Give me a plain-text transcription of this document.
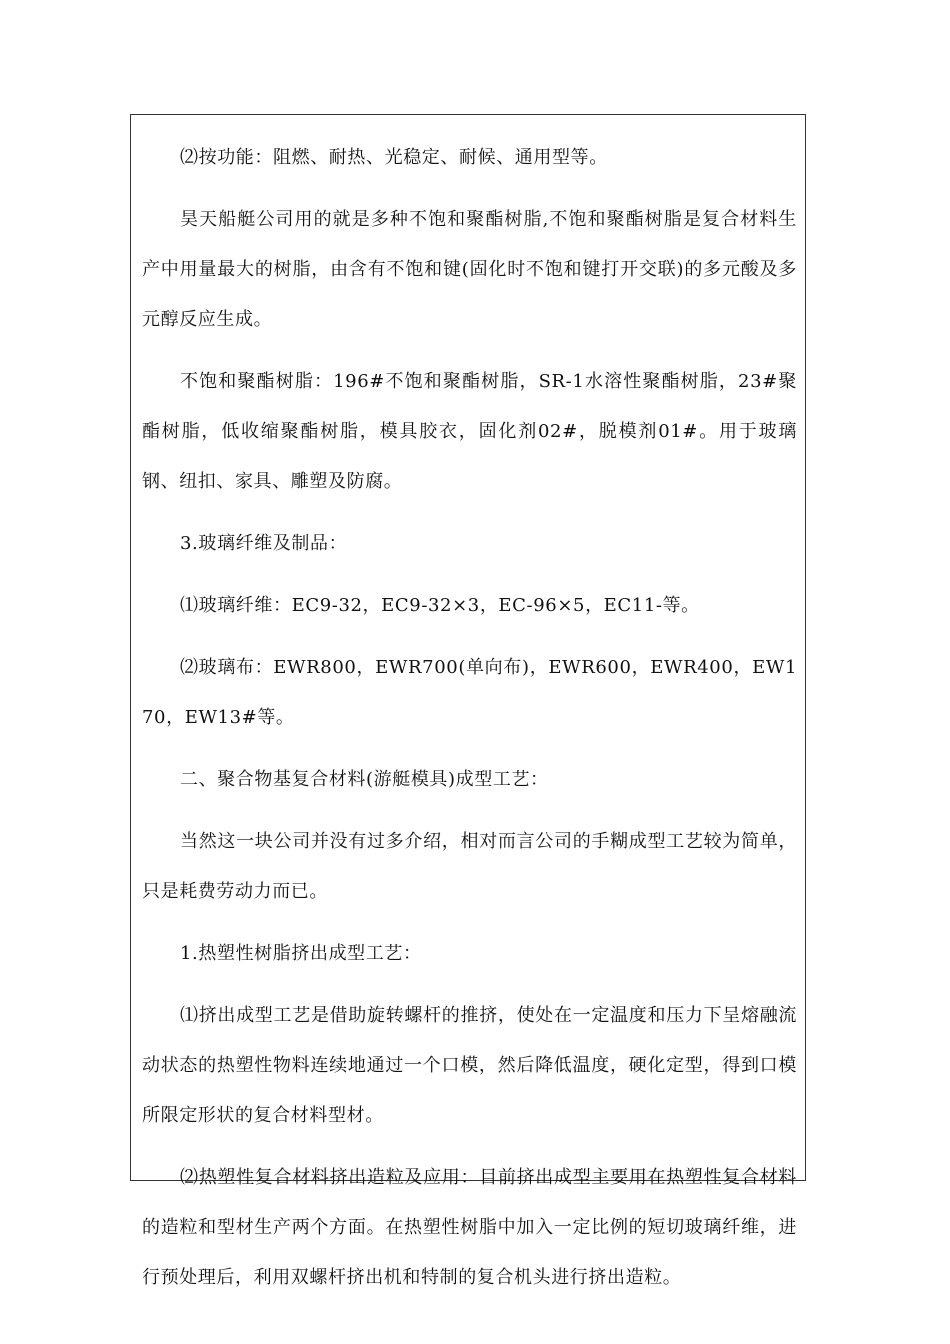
⑵按功能：阻燃、耐热、光稳定、耐候、通用型等。

昊天船艇公司用的就是多种不饱和聚酯树脂,不饱和聚酯树脂是复合材料生产中用量最大的树脂，由含有不饱和键(固化时不饱和键打开交联)的多元酸及多元醇反应生成。

不饱和聚酯树脂：196#不饱和聚酯树脂，SR-1水溶性聚酯树脂，23#聚酯树脂，低收缩聚酯树脂，模具胶衣，固化剂02#，脱模剂01#。用于玻璃钢、纽扣、家具、雕塑及防腐。

3.玻璃纤维及制品：

⑴玻璃纤维：EC9-32，EC9-32×3，EC-96×5，EC11-等。

⑵玻璃布：EWR800，EWR700(单向布)，EWR600，EWR400，EW170，EW13#等。

二、聚合物基复合材料(游艇模具)成型工艺：

当然这一块公司并没有过多介绍，相对而言公司的手糊成型工艺较为简单，只是耗费劳动力而已。

1.热塑性树脂挤出成型工艺：

⑴挤出成型工艺是借助旋转螺杆的推挤，使处在一定温度和压力下呈熔融流动状态的热塑性物料连续地通过一个口模，然后降低温度，硬化定型，得到口模所限定形状的复合材料型材。

⑵热塑性复合材料挤出造粒及应用：目前挤出成型主要用在热塑性复合材料的造粒和型材生产两个方面。在热塑性树脂中加入一定比例的短切玻璃纤维，进行预处理后，利用双螺杆挤出机和特制的复合机头进行挤出造粒。
